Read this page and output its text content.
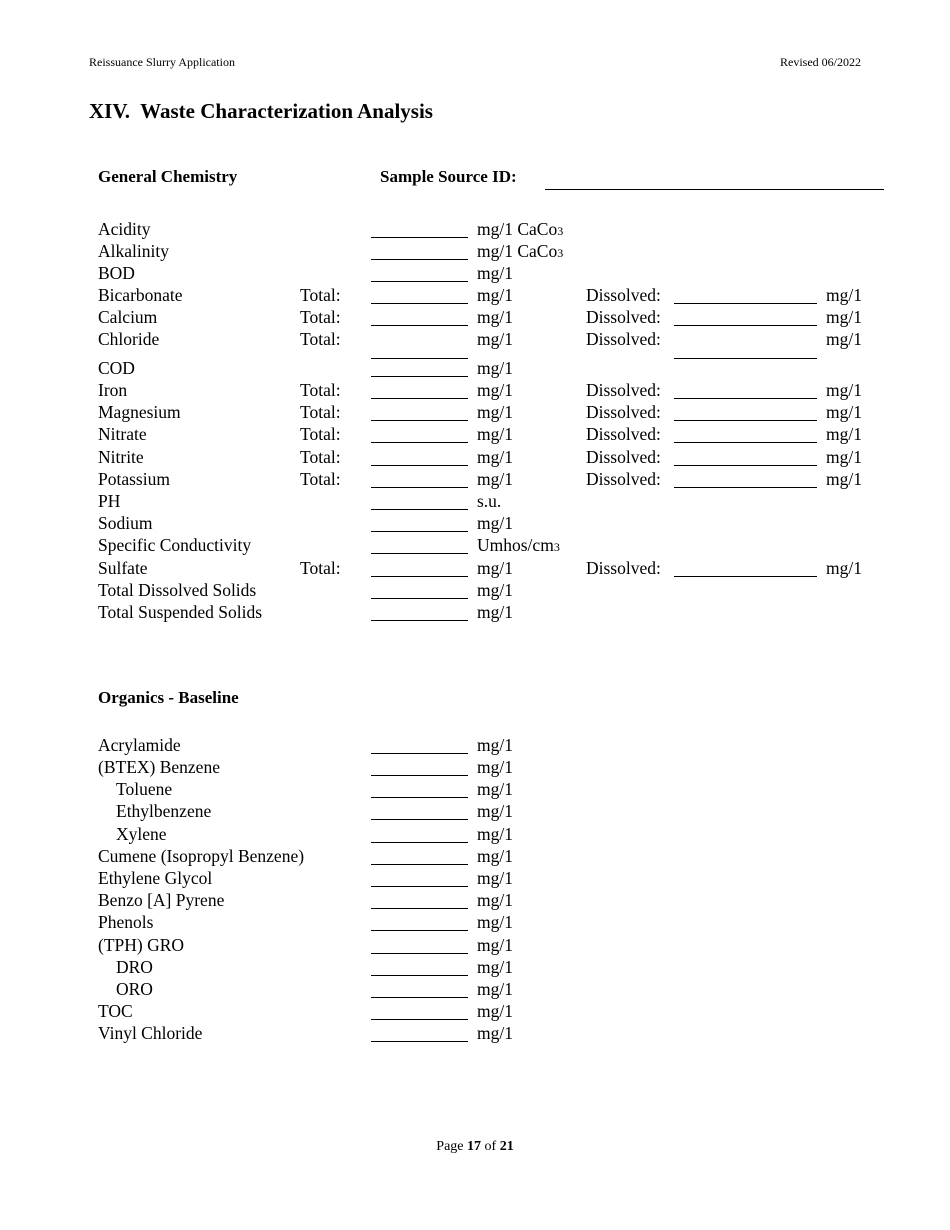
Reissuance Slurry Application	Revised 06/2022
XIV.  Waste Characterization Analysis
General Chemistry	Sample Source ID:
Acidity	mg/1 CaCo3
Alkalinity	mg/1 CaCo3
BOD	mg/1
Bicarbonate	Total:	mg/1	Dissolved:	mg/1
Calcium	Total:	mg/1	Dissolved:	mg/1
Chloride	Total:	mg/1	Dissolved:	mg/1
COD	mg/1
Iron	Total:	mg/1	Dissolved:	mg/1
Magnesium	Total:	mg/1	Dissolved:	mg/1
Nitrate	Total:	mg/1	Dissolved:	mg/1
Nitrite	Total:	mg/1	Dissolved:	mg/1
Potassium	Total:	mg/1	Dissolved:	mg/1
PH	s.u.
Sodium	mg/1
Specific Conductivity	Umhos/cm3
Sulfate	Total:	mg/1	Dissolved:	mg/1
Total Dissolved Solids	mg/1
Total Suspended Solids	mg/1
Organics - Baseline
Acrylamide	mg/1
(BTEX) Benzene	mg/1
Toluene	mg/1
Ethylbenzene	mg/1
Xylene	mg/1
Cumene (Isopropyl Benzene)	mg/1
Ethylene Glycol	mg/1
Benzo [A] Pyrene	mg/1
Phenols	mg/1
(TPH) GRO	mg/1
DRO	mg/1
ORO	mg/1
TOC	mg/1
Vinyl Chloride	mg/1
Page 17 of 21
